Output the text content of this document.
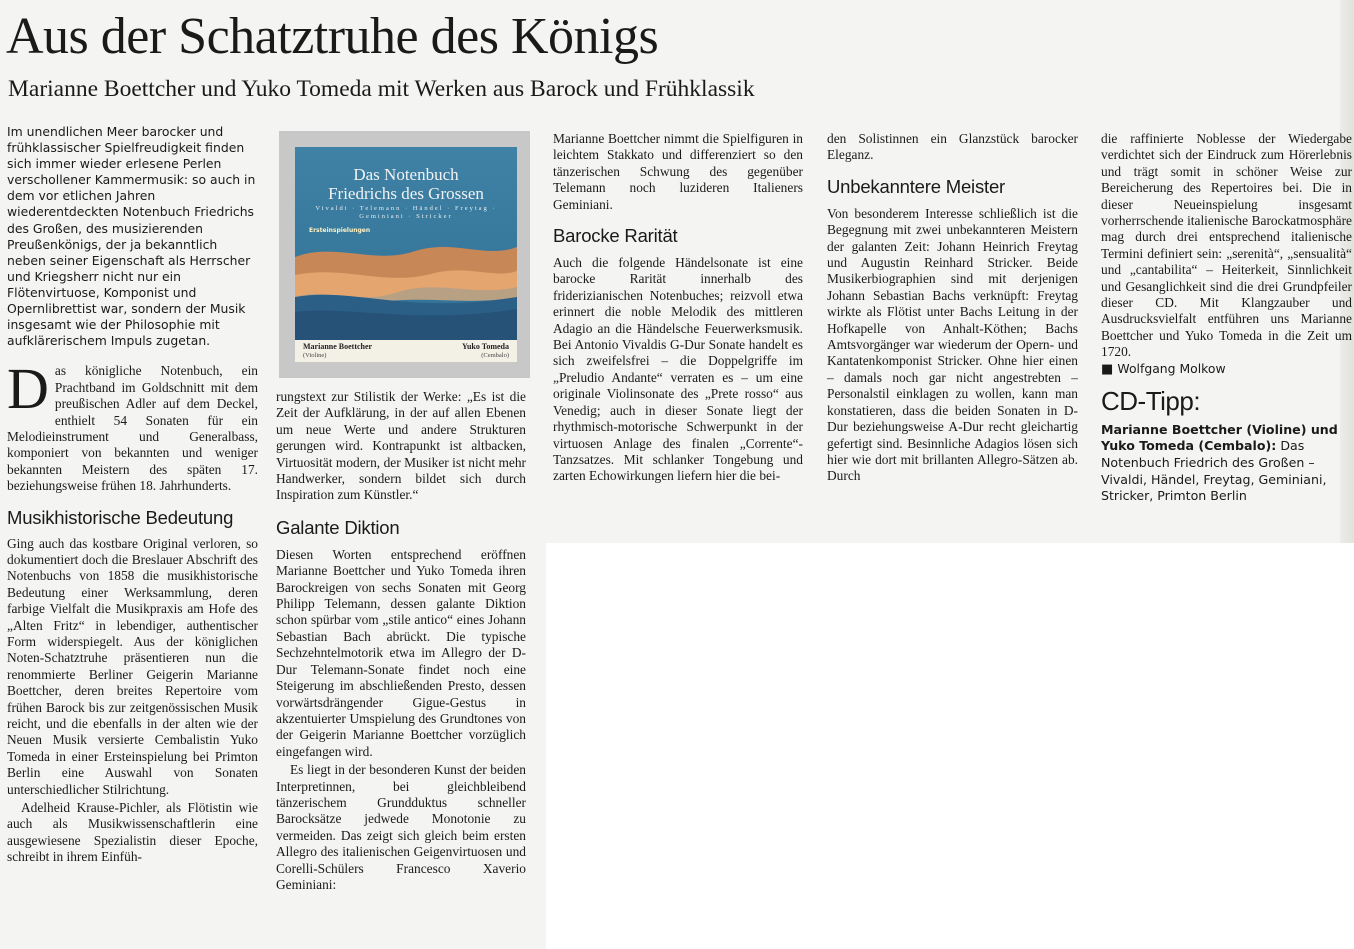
Aus der Schatztruhe des Königs
Marianne Boettcher und Yuko Tomeda mit Werken aus Barock und Frühklassik

Im unendlichen Meer barocker und frühklassischer Spielfreudigkeit finden sich immer wieder erlesene Perlen verschollener Kammermusik: so auch in dem vor etlichen Jahren wiederentdeckten Notenbuch Friedrichs des Großen, des musizierenden Preußenkönigs, der ja bekanntlich neben seiner Eigenschaft als Herrscher und Kriegsherr nicht nur ein Flötenvirtuose, Komponist und Opernlibrettist war, sondern der Musik insgesamt wie der Philosophie mit aufklärerischem Impuls zugetan.

Das königliche Notenbuch, ein Prachtband im Goldschnitt mit dem preußischen Adler auf dem Deckel, enthielt 54 Sonaten für ein Melodieinstrument und Generalbass, komponiert von bekannten und weniger bekannten Meistern des späten 17. beziehungsweise frühen 18. Jahrhunderts.

Musikhistorische Bedeutung

Ging auch das kostbare Original verloren, so dokumentiert doch die Breslauer Abschrift des Notenbuchs von 1858 die musikhistorische Bedeutung einer Werksammlung, deren farbige Vielfalt die Musikpraxis am Hofe des „Alten Fritz“ in lebendiger, authentischer Form widerspiegelt. Aus der königlichen Noten-Schatztruhe präsentieren nun die renommierte Berliner Geigerin Marianne Boettcher, deren breites Repertoire vom frühen Barock bis zur zeitgenössischen Musik reicht, und die ebenfalls in der alten wie der Neuen Musik versierte Cembalistin Yuko Tomeda in einer Ersteinspielung bei Primton Berlin eine Auswahl von Sonaten unterschiedlicher Stilrichtung.

Adelheid Krause-Pichler, als Flötistin wie auch als Musikwissenschaftlerin eine ausgewiesene Spezialistin dieser Epoche, schreibt in ihrem Einfüh-

Das Notenbuch
Friedrichs des Grossen
Vivaldi · Telemann · Händel · Freytag · Geminiani · Stricker
Ersteinspielungen
Marianne Boettcher
(Violine)
Yuko Tomeda
(Cembalo)

rungstext zur Stilistik der Werke: „Es ist die Zeit der Aufklärung, in der auf allen Ebenen um neue Werte und andere Strukturen gerungen wird. Kontrapunkt ist altbacken, Virtuosität modern, der Musiker ist nicht mehr Handwerker, sondern bildet sich durch Inspiration zum Künstler.“

Galante Diktion

Diesen Worten entsprechend eröffnen Marianne Boettcher und Yuko Tomeda ihren Barockreigen von sechs Sonaten mit Georg Philipp Telemann, dessen galante Diktion schon spürbar vom „stile antico“ eines Johann Sebastian Bach abrückt. Die typische Sechzehntelmotorik etwa im Allegro der D-Dur Telemann-Sonate findet noch eine Steigerung im abschließenden Presto, dessen vorwärtsdrängender Gigue-Gestus in akzentuierter Umspielung des Grundtones von der Geigerin Marianne Boettcher vorzüglich eingefangen wird.

Es liegt in der besonderen Kunst der beiden Interpretinnen, bei gleichbleibend tänzerischem Grundduktus schneller Barocksätze jedwede Monotonie zu vermeiden. Das zeigt sich gleich beim ersten Allegro des italienischen Geigenvirtuosen und Corelli-Schülers Francesco Xaverio Geminiani:

Marianne Boettcher nimmt die Spielfiguren in leichtem Stakkato und differenziert so den tänzerischen Schwung des gegenüber Telemann noch luzideren Italieners Geminiani.

Barocke Rarität

Auch die folgende Händelsonate ist eine barocke Rarität innerhalb des friderizianischen Notenbuches; reizvoll etwa erinnert die noble Melodik des mittleren Adagio an die Händelsche Feuerwerksmusik. Bei Antonio Vivaldis G-Dur Sonate handelt es sich zweifelsfrei – die Doppelgriffe im „Preludio Andante“ verraten es – um eine originale Violinsonate des „Prete rosso“ aus Venedig; auch in dieser Sonate liegt der rhythmisch-motorische Schwerpunkt in der virtuosen Anlage des finalen „Corrente“-Tanzsatzes. Mit schlanker Tongebung und zarten Echowirkungen liefern hier die bei-

den Solistinnen ein Glanzstück barocker Eleganz.

Unbekanntere Meister

Von besonderem Interesse schließlich ist die Begegnung mit zwei unbekannteren Meistern der galanten Zeit: Johann Heinrich Freytag und Augustin Reinhard Stricker. Beide Musikerbiographien sind mit derjenigen Johann Sebastian Bachs verknüpft: Freytag wirkte als Flötist unter Bachs Leitung in der Hofkapelle von Anhalt-Köthen; Bachs Amtsvorgänger war wiederum der Opern- und Kantatenkomponist Stricker. Ohne hier einen – damals noch gar nicht angestrebten – Personalstil einklagen zu wollen, kann man konstatieren, dass die beiden Sonaten in D-Dur beziehungsweise A-Dur recht gleichartig gefertigt sind. Besinnliche Adagios lösen sich hier wie dort mit brillanten Allegro-Sätzen ab. Durch

die raffinierte Noblesse der Wiedergabe verdichtet sich der Eindruck zum Hörerlebnis und trägt somit in schöner Weise zur Bereicherung des Repertoires bei. Die in dieser Neueinspielung insgesamt vorherrschende italienische Barockatmosphäre mag durch drei entsprechend italienische Termini definiert sein: „serenità“, „sensualità“ und „cantabilita“ – Heiterkeit, Sinnlichkeit und Gesanglichkeit sind die drei Grundpfeiler dieser CD. Mit Klangzauber und Ausdrucksvielfalt entführen uns Marianne Boettcher und Yuko Tomeda in die Zeit um 1720.

■ Wolfgang Molkow

CD-Tipp:

Marianne Boettcher (Violine) und Yuko Tomeda (Cembalo): Das Notenbuch Friedrich des Großen – Vivaldi, Händel, Freytag, Geminiani, Stricker, Primton Berlin
